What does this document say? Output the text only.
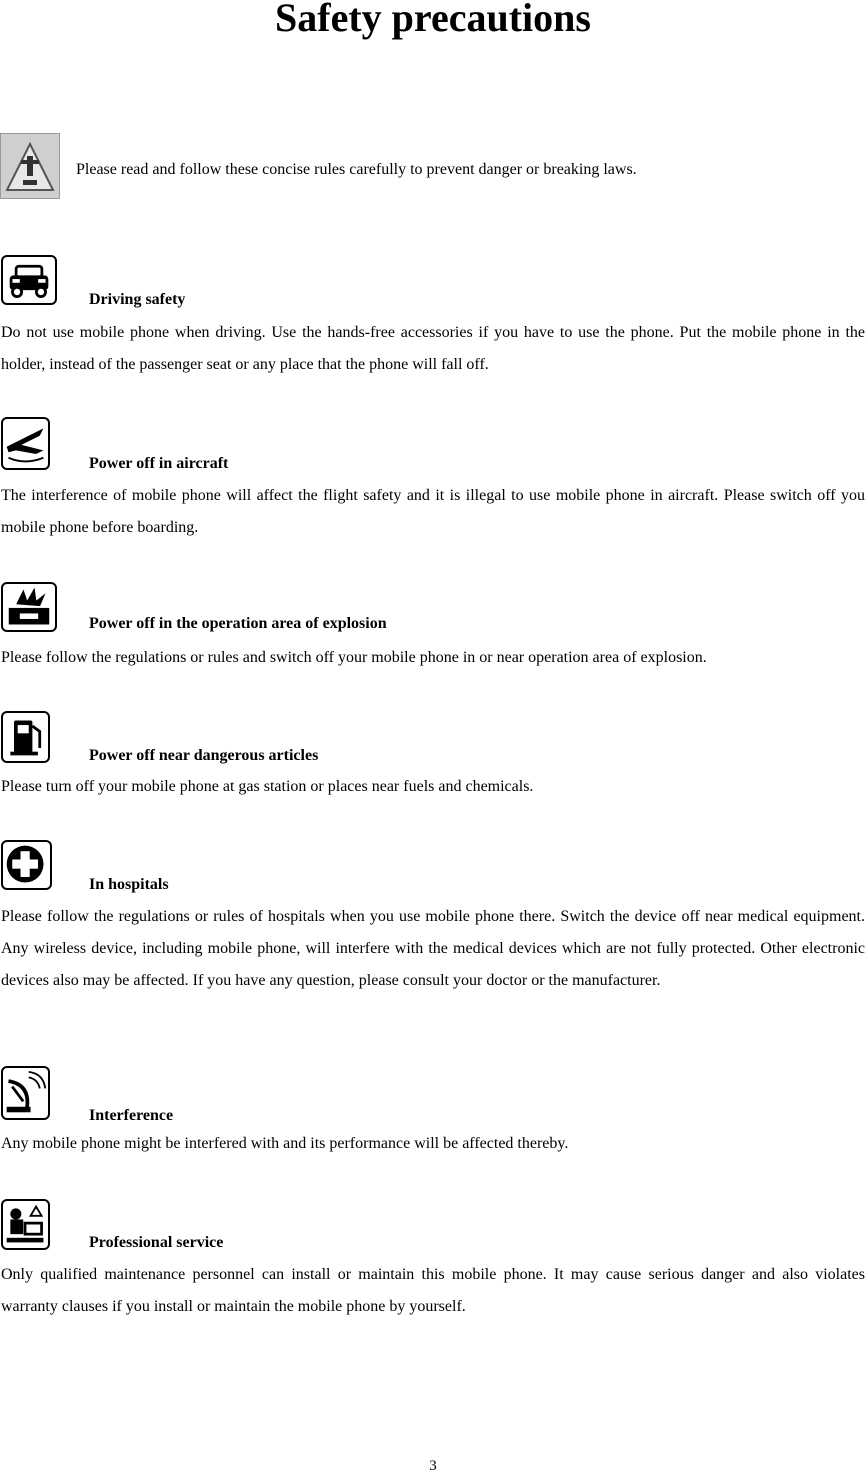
Safety precautions
Please read and follow these concise rules carefully to prevent danger or breaking laws.
Driving safety

Do not use mobile phone when driving. Use the hands-free accessories if you have to use the phone. Put the mobile phone in the holder, instead of the passenger seat or any place that the phone will fall off.

Power off in aircraft

The interference of mobile phone will affect the flight safety and it is illegal to use mobile phone in aircraft. Please switch off you mobile phone before boarding.

Power off in the operation area of explosion

Please follow the regulations or rules and switch off your mobile phone in or near operation area of explosion.

Power off near dangerous articles

Please turn off your mobile phone at gas station or places near fuels and chemicals.

In hospitals

Please follow the regulations or rules of hospitals when you use mobile phone there. Switch the device off near medical equipment. Any wireless device, including mobile phone, will interfere with the medical devices which are not fully protected. Other electronic devices also may be affected. If you have any question, please consult your doctor or the manufacturer.

Interference

Any mobile phone might be interfered with and its performance will be affected thereby.

Professional service

Only qualified maintenance personnel can install or maintain this mobile phone. It may cause serious danger and also violates warranty clauses if you install or maintain the mobile phone by yourself.

3
